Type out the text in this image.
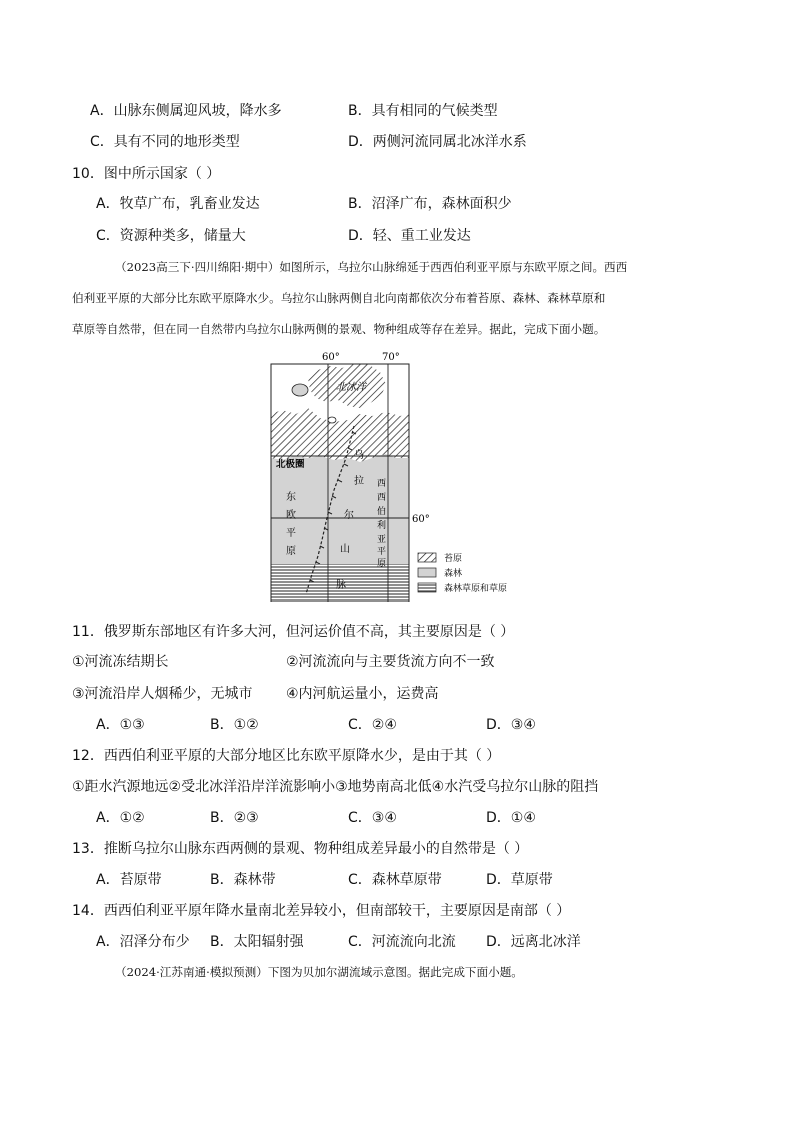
A．山脉东侧属迎风坡，降水多	B．具有相同的气候类型
C．具有不同的地形类型	D．两侧河流同属北冰洋水系
10．图中所示国家（ ）
A．牧草广布，乳畜业发达	B．沼泽广布，森林面积少
C．资源种类多，储量大	D．轻、重工业发达
（2023高三下·四川绵阳·期中）如图所示，乌拉尔山脉绵延于西西伯利亚平原与东欧平原之间。西西
伯利亚平原的大部分比东欧平原降水少。乌拉尔山脉两侧自北向南都依次分布着苔原、森林、森林草原和
草原等自然带，但在同一自然带内乌拉尔山脉两侧的景观、物种组成等存在差异。据此，完成下面小题。
60°	70°
北冰洋
北极圈
60°
东
欧
平
原
西
西
伯
利
亚
平
原
乌
拉
尔
山
脉
苔原
森林
森林草原和草原
11．俄罗斯东部地区有许多大河，但河运价值不高，其主要原因是（ ）
①河流冻结期长	②河流流向与主要货流方向不一致
③河流沿岸人烟稀少，无城市 ④内河航运量小，运费高
A．①③	B．①②	C．②④	D．③④
12．西西伯利亚平原的大部分地区比东欧平原降水少，是由于其（ ）
①距水汽源地远②受北冰洋沿岸洋流影响小③地势南高北低④水汽受乌拉尔山脉的阻挡
A．①②	B．②③	C．③④	D．①④
13．推断乌拉尔山脉东西两侧的景观、物种组成差异最小的自然带是（ ）
A．苔原带	B．森林带	C．森林草原带	D．草原带
14．西西伯利亚平原年降水量南北差异较小，但南部较干，主要原因是南部（ ）
A．沼泽分布少 B．太阳辐射强	C．河流流向北流 D．远离北冰洋
（2024·江苏南通·模拟预测）下图为贝加尔湖流域示意图。据此完成下面小题。
